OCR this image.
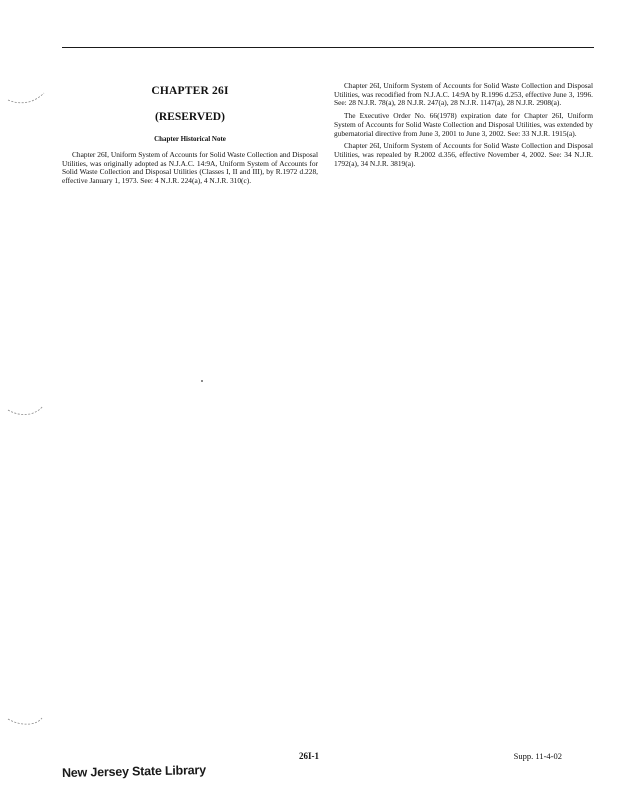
CHAPTER 26I
(RESERVED)
Chapter Historical Note

Chapter 26I, Uniform System of Accounts for Solid Waste Collection and Disposal Utilities, was originally adopted as N.J.A.C. 14:9A, Uniform System of Accounts for Solid Waste Collection and Disposal Utilities (Classes I, II and III), by R.1972 d.228, effective January 1, 1973. See: 4 N.J.R. 224(a), 4 N.J.R. 310(c).

Chapter 26I, Uniform System of Accounts for Solid Waste Collection and Disposal Utilities, was recodified from N.J.A.C. 14:9A by R.1996 d.253, effective June 3, 1996. See: 28 N.J.R. 78(a), 28 N.J.R. 247(a), 28 N.J.R. 1147(a), 28 N.J.R. 2908(a).

The Executive Order No. 66(1978) expiration date for Chapter 26I, Uniform System of Accounts for Solid Waste Collection and Disposal Utilities, was extended by gubernatorial directive from June 3, 2001 to June 3, 2002. See: 33 N.J.R. 1915(a).

Chapter 26I, Uniform System of Accounts for Solid Waste Collection and Disposal Utilities, was repealed by R.2002 d.356, effective November 4, 2002. See: 34 N.J.R. 1792(a), 34 N.J.R. 3819(a).

26I-1	Supp. 11-4-02
New Jersey State Library
